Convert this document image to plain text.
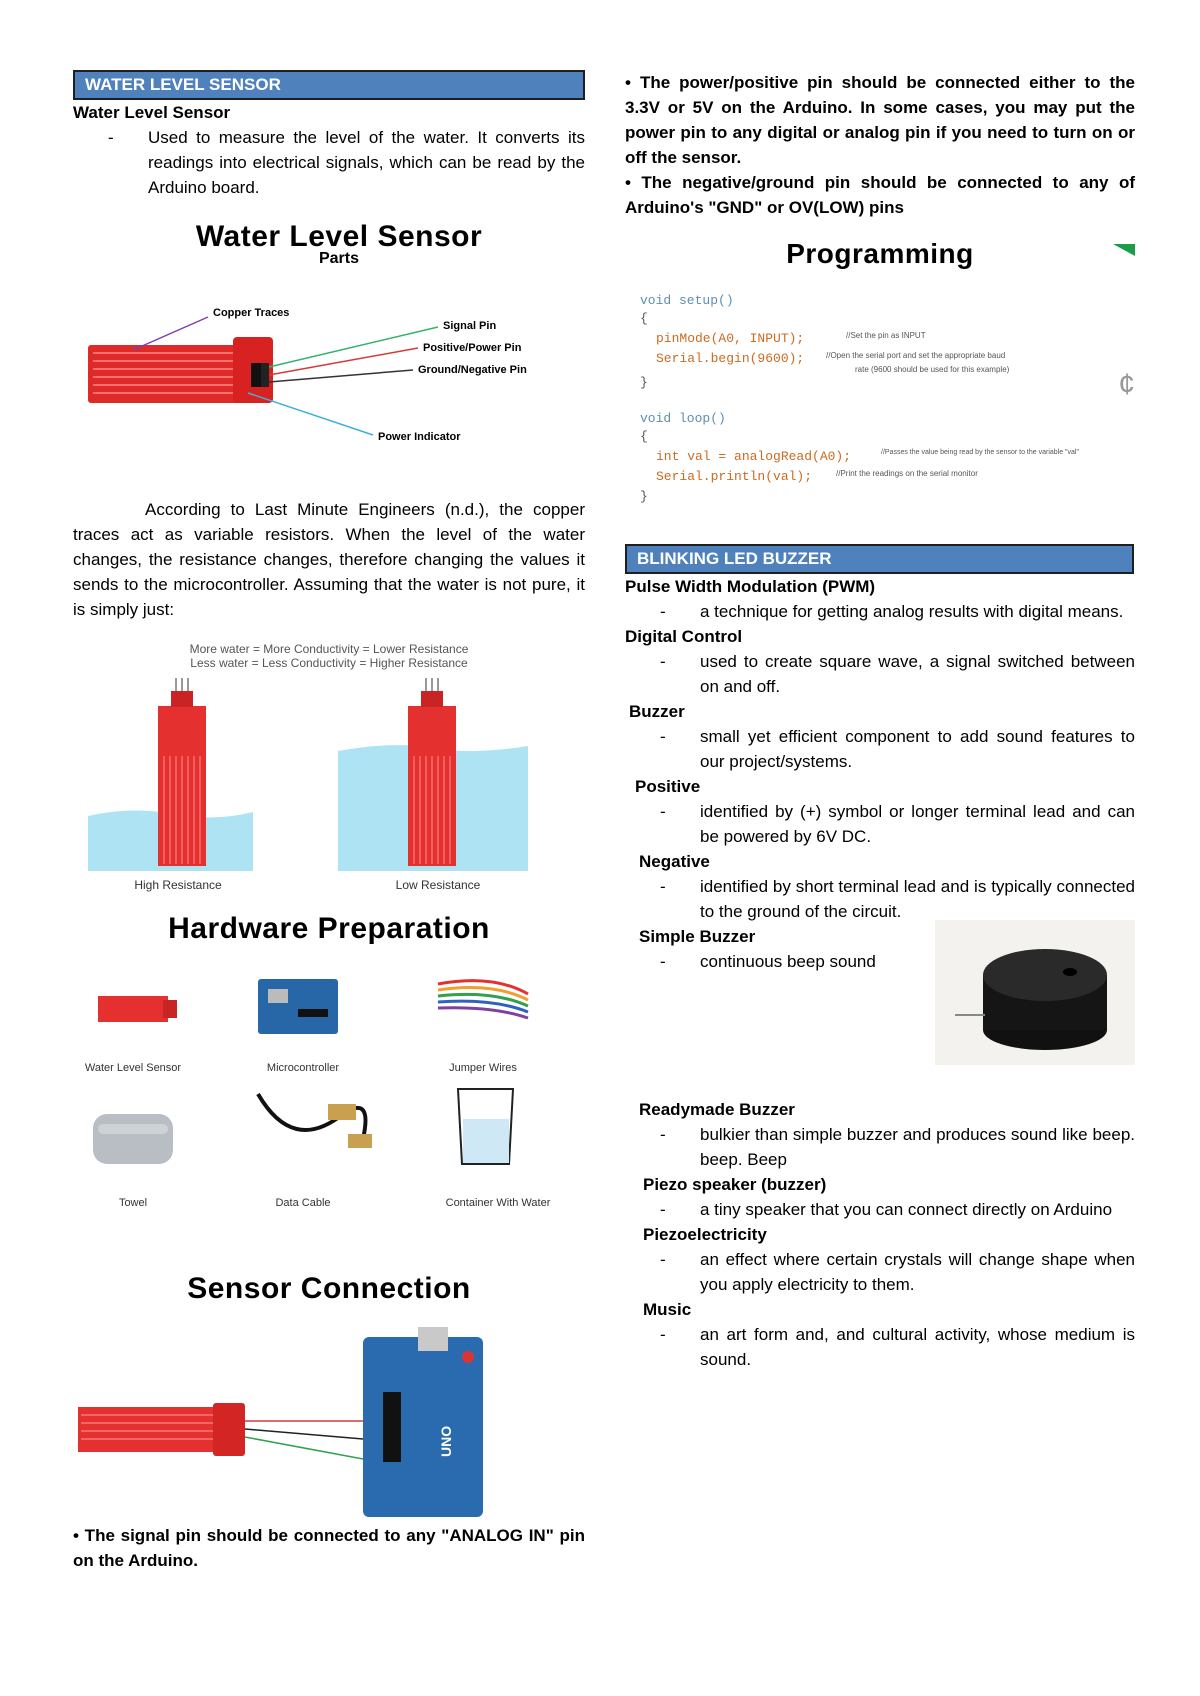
WATER LEVEL SENSOR
Water Level Sensor
-	Used to measure the level of the water. It converts its readings into electrical signals, which can be read by the Arduino board.
Water Level Sensor
Parts
Copper Traces
Signal Pin
Positive/Power Pin
Ground/Negative Pin
Power Indicator
According to Last Minute Engineers (n.d.), the copper traces act as variable resistors. When the level of the water changes, the resistance changes, therefore changing the values it sends to the microcontroller. Assuming that the water is not pure, it is simply just:
More water = More Conductivity = Lower Resistance
Less water = Less Conductivity = Higher Resistance
High Resistance	Low Resistance
Hardware Preparation
Water Level Sensor	Microcontroller	Jumper Wires
Towel	Data Cable	Container With Water
Sensor Connection
UNO
• The signal pin should be connected to any "ANALOG IN" pin on the Arduino.
• The power/positive pin should be connected either to the 3.3V or 5V on the Arduino. In some cases, you may put the power pin to any digital or analog pin if you need to turn on or off the sensor.
• The negative/ground pin should be connected to any of Arduino's "GND" or OV(LOW) pins
Programming
¢
void setup()
{
pinMode(A0, INPUT);	//Set the pin as INPUT
Serial.begin(9600);	//Open the serial port and set the appropriate baud
rate (9600 should be used for this example)
}
void loop()
{
int val = analogRead(A0);	//Passes the value being read by the sensor to the variable "val"
Serial.println(val);	//Print the readings on the serial monitor
}
BLINKING LED BUZZER
Pulse Width Modulation (PWM)
-	a technique for getting analog results with digital means.
Digital Control
-	used to create square wave, a signal switched between on and off.
Buzzer
-	small yet efficient component to add sound features to our project/systems.
Positive
-	identified by (+) symbol or longer terminal lead and can be powered by 6V DC.
Negative
-	identified by short terminal lead and is typically connected to the ground of the circuit.
Simple Buzzer
-	continuous beep sound
Readymade Buzzer
-	bulkier than simple buzzer and produces sound like beep. beep. Beep
Piezo speaker (buzzer)
-	a tiny speaker that you can connect directly on Arduino
Piezoelectricity
-	an effect where certain crystals will change shape when you apply electricity to them.
Music
-	an art form and, and cultural activity, whose medium is sound.
